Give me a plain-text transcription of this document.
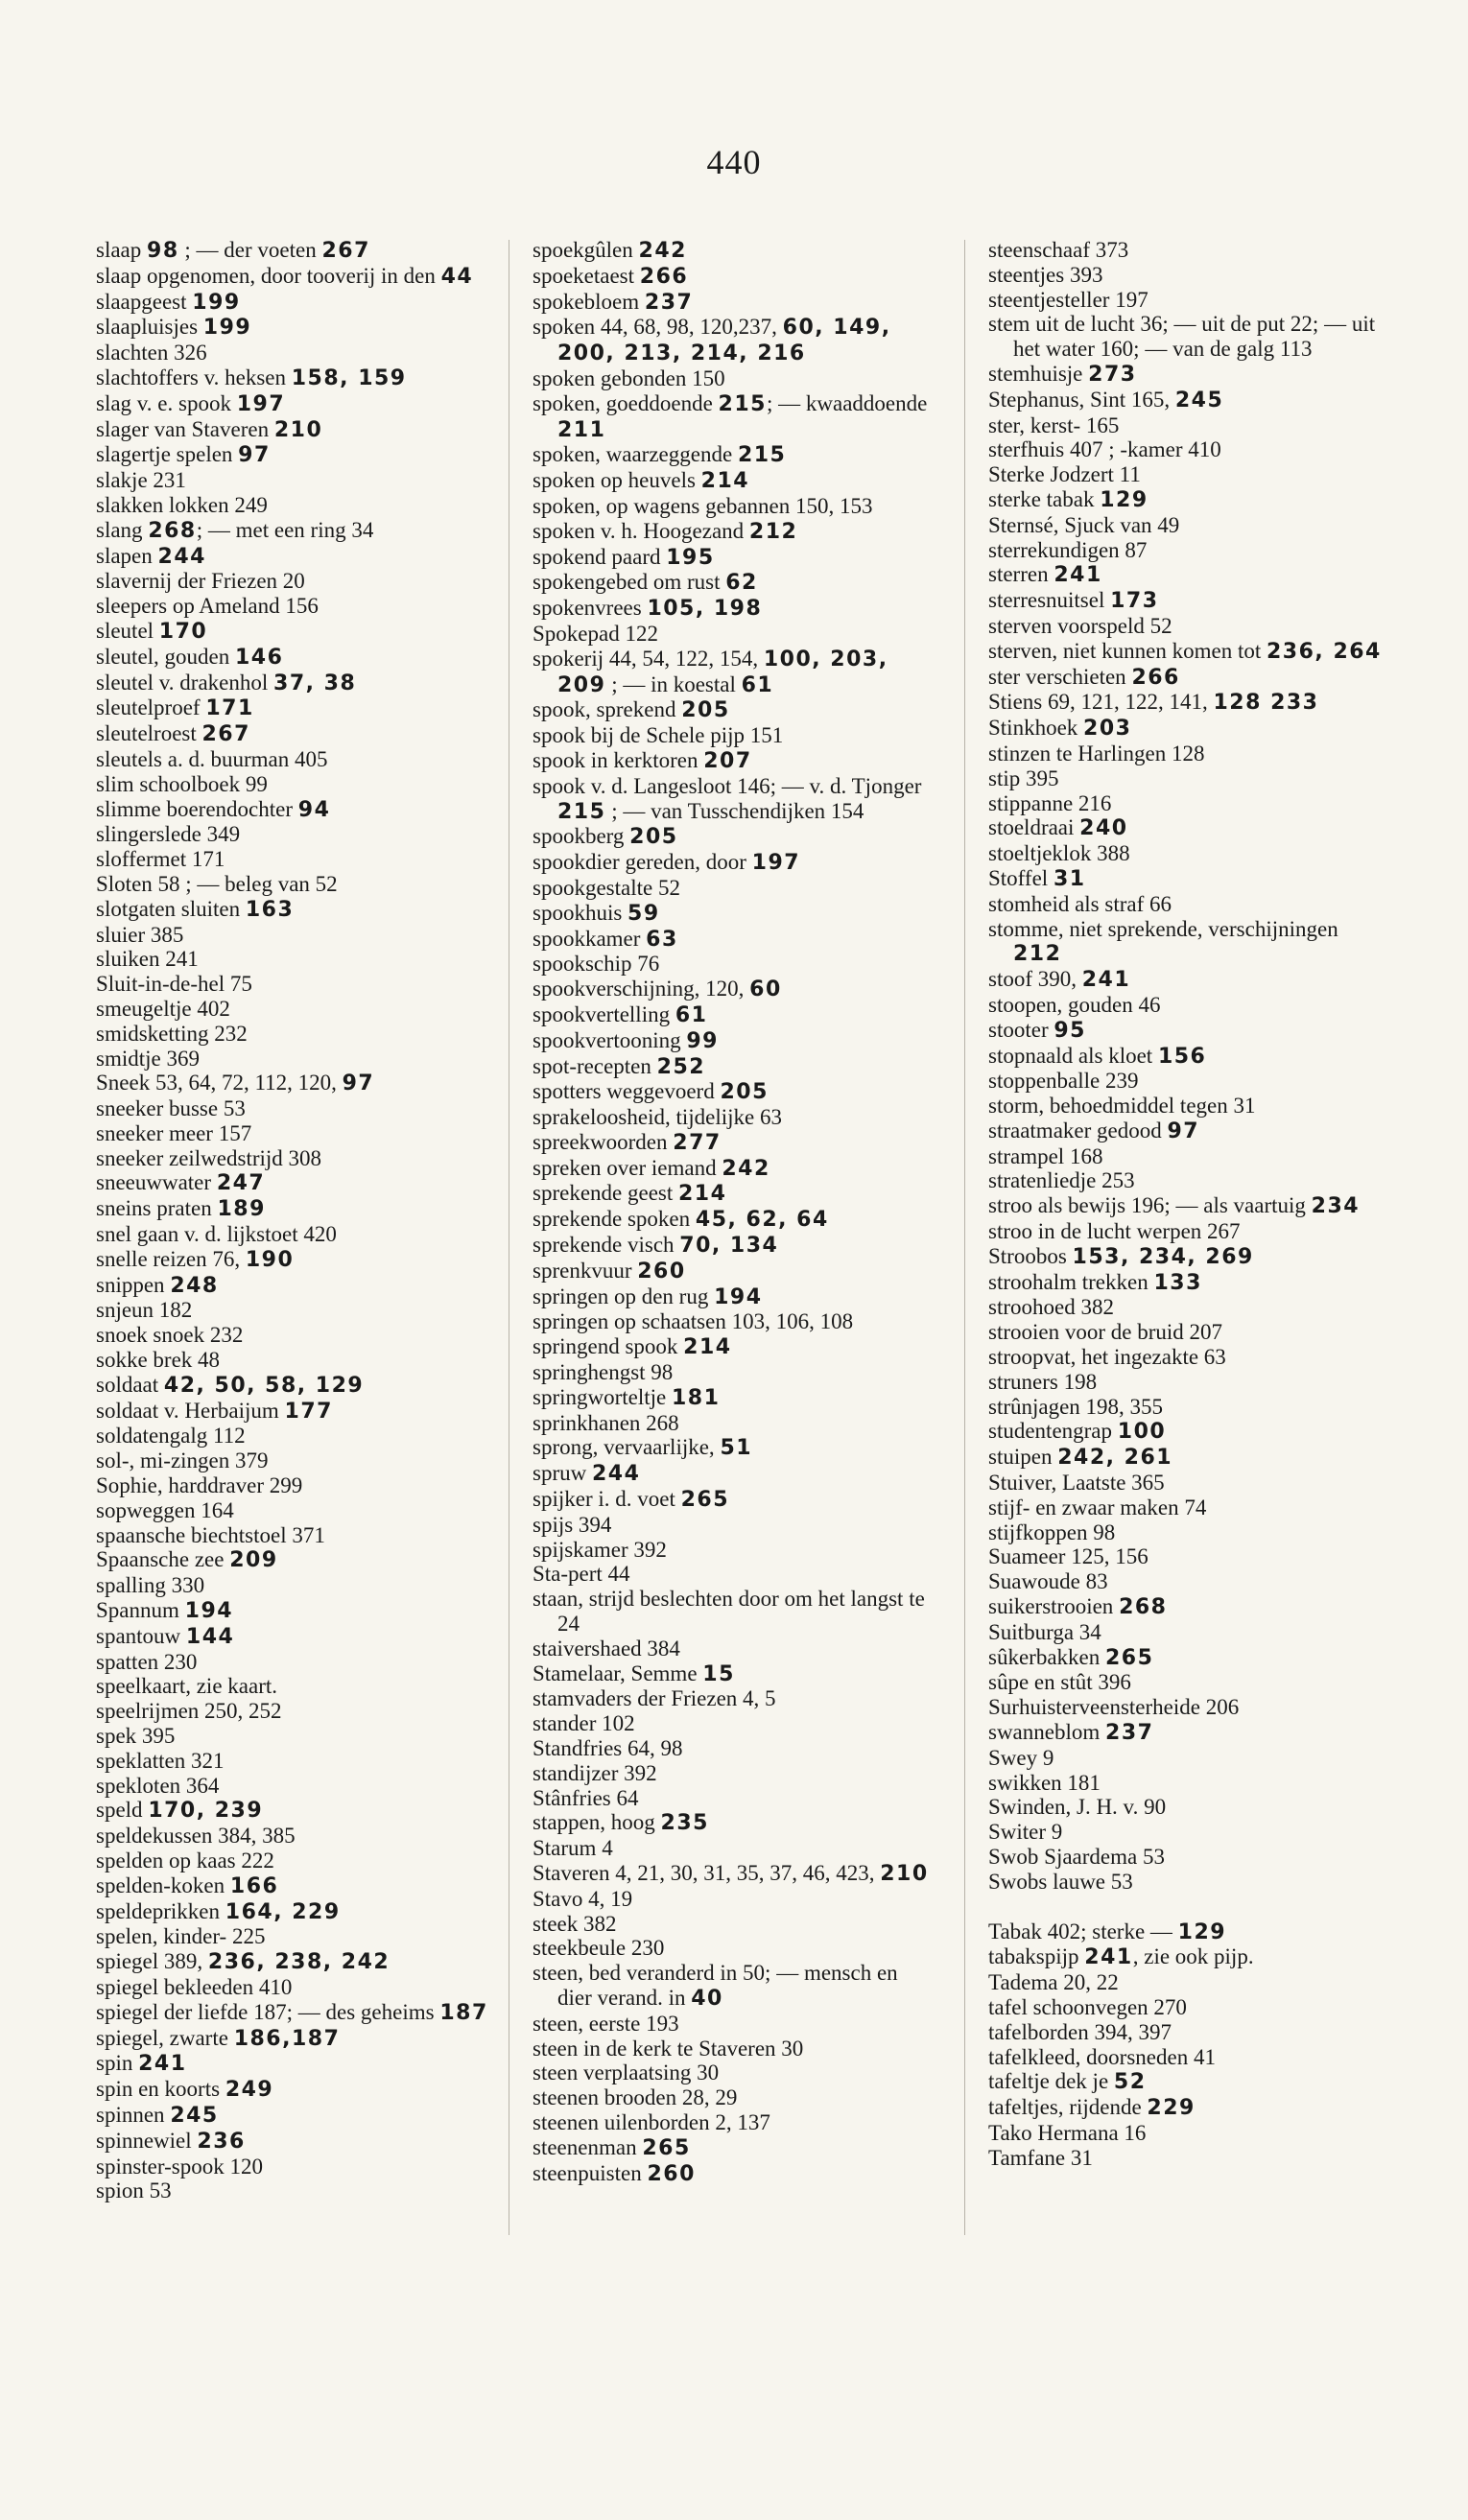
440
slaap 98 ; — der voeten 267
slaap opgenomen, door tooverij in den 44
slaapgeest 199
slaapluisjes 199
slachten 326
slachtoffers v. heksen 158, 159
slag v. e. spook 197
slager van Staveren 210
slagertje spelen 97
slakje 231
slakken lokken 249
slang 268; — met een ring 34
slapen 244
slavernij der Friezen 20
sleepers op Ameland 156
sleutel 170
sleutel, gouden 146
sleutel v. drakenhol 37, 38
sleutelproef 171
sleutelroest 267
sleutels a. d. buurman 405
slim schoolboek 99
slimme boerendochter 94
slingerslede 349
sloffermet 171
Sloten 58 ; — beleg van 52
slotgaten sluiten 163
sluier 385
sluiken 241
Sluit-in-de-hel 75
smeugeltje 402
smidsketting 232
smidtje 369
Sneek 53, 64, 72, 112, 120, 97
sneeker busse 53
sneeker meer 157
sneeker zeilwedstrijd 308
sneeuwwater 247
sneins praten 189
snel gaan v. d. lijkstoet 420
snelle reizen 76, 190
snippen 248
snjeun 182
snoek snoek 232
sokke brek 48
soldaat 42, 50, 58, 129
soldaat v. Herbaijum 177
soldatengalg 112
sol-, mi-zingen 379
Sophie, harddraver 299
sopweggen 164
spaansche biechtstoel 371
Spaansche zee 209
spalling 330
Spannum 194
spantouw 144
spatten 230
speelkaart, zie kaart.
speelrijmen 250, 252
spek 395
speklatten 321
spekloten 364
speld 170, 239
speldekussen 384, 385
spelden op kaas 222
spelden-koken 166
speldeprikken 164, 229
spelen, kinder- 225
spiegel 389, 236, 238, 242
spiegel bekleeden 410
spiegel der liefde 187; — des geheims 187
spiegel, zwarte 186,187
spin 241
spin en koorts 249
spinnen 245
spinnewiel 236
spinster-spook 120
spion 53
spoekgûlen 242
spoeketaest 266
spokebloem 237
spoken 44, 68, 98, 120,237, 60, 149, 200, 213, 214, 216
spoken gebonden 150
spoken, goeddoende 215; — kwaaddoende 211
spoken, waarzeggende 215
spoken op heuvels 214
spoken, op wagens gebannen 150, 153
spoken v. h. Hoogezand 212
spokend paard 195
spokengebed om rust 62
spokenvrees 105, 198
Spokepad 122
spokerij 44, 54, 122, 154, 100, 203, 209 ; — in koestal 61
spook, sprekend 205
spook bij de Schele pijp 151
spook in kerktoren 207
spook v. d. Langesloot 146; — v. d. Tjonger 215 ; — van Tusschendijken 154
spookberg 205
spookdier gereden, door 197
spookgestalte 52
spookhuis 59
spookkamer 63
spookschip 76
spookverschijning, 120, 60
spookvertelling 61
spookvertooning 99
spot-recepten 252
spotters weggevoerd 205
sprakeloosheid, tijdelijke 63
spreekwoorden 277
spreken over iemand 242
sprekende geest 214
sprekende spoken 45, 62, 64
sprekende visch 70, 134
sprenkvuur 260
springen op den rug 194
springen op schaatsen 103, 106, 108
springend spook 214
springhengst 98
springworteltje 181
sprinkhanen 268
sprong, vervaarlijke, 51
spruw 244
spijker i. d. voet 265
spijs 394
spijskamer 392
Sta-pert 44
staan, strijd beslechten door om het langst te 24
staivershaed 384
Stamelaar, Semme 15
stamvaders der Friezen 4, 5
stander 102
Standfries 64, 98
standijzer 392
Stânfries 64
stappen, hoog 235
Starum 4
Staveren 4, 21, 30, 31, 35, 37, 46, 423, 210
Stavo 4, 19
steek 382
steekbeule 230
steen, bed veranderd in 50; — mensch en dier verand. in 40
steen, eerste 193
steen in de kerk te Staveren 30
steen verplaatsing 30
steenen brooden 28, 29
steenen uilenborden 2, 137
steenenman 265
steenpuisten 260
steenschaaf 373
steentjes 393
steentjesteller 197
stem uit de lucht 36; — uit de put 22; — uit het water 160; — van de galg 113
stemhuisje 273
Stephanus, Sint 165, 245
ster, kerst- 165
sterfhuis 407 ; -kamer 410
Sterke Jodzert 11
sterke tabak 129
Sternsé, Sjuck van 49
sterrekundigen 87
sterren 241
sterresnuitsel 173
sterven voorspeld 52
sterven, niet kunnen komen tot 236, 264
ster verschieten 266
Stiens 69, 121, 122, 141, 128 233
Stinkhoek 203
stinzen te Harlingen 128
stip 395
stippanne 216
stoeldraai 240
stoeltjeklok 388
Stoffel 31
stomheid als straf 66
stomme, niet sprekende, verschijningen 212
stoof 390, 241
stoopen, gouden 46
stooter 95
stopnaald als kloet 156
stoppenballe 239
storm, behoedmiddel tegen 31
straatmaker gedood 97
strampel 168
stratenliedje 253
stroo als bewijs 196; — als vaartuig 234
stroo in de lucht werpen 267
Stroobos 153, 234, 269
stroohalm trekken 133
stroohoed 382
strooien voor de bruid 207
stroopvat, het ingezakte 63
struners 198
strûnjagen 198, 355
studentengrap 100
stuipen 242, 261
Stuiver, Laatste 365
stijf- en zwaar maken 74
stijfkoppen 98
Suameer 125, 156
Suawoude 83
suikerstrooien 268
Suitburga 34
sûkerbakken 265
sûpe en stût 396
Surhuisterveensterheide 206
swanneblom 237
Swey 9
swikken 181
Swinden, J. H. v. 90
Switer 9
Swob Sjaardema 53
Swobs lauwe 53
Tabak 402; sterke — 129
tabakspijp 241, zie ook pijp.
Tadema 20, 22
tafel schoonvegen 270
tafelborden 394, 397
tafelkleed, doorsneden 41
tafeltje dek je 52
tafeltjes, rijdende 229
Tako Hermana 16
Tamfane 31
